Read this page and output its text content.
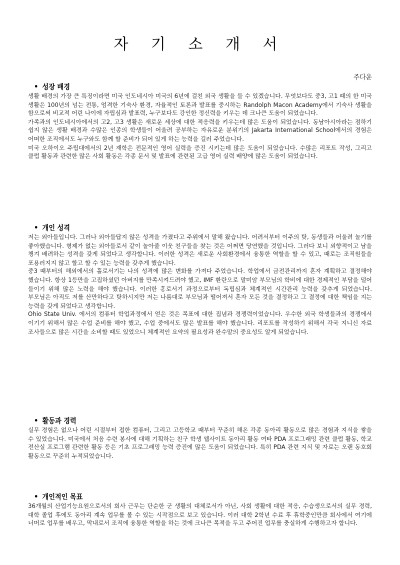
자 기 소 개 서
주다운
• 성장 배경

생활 배경의 가장 큰 특징이라면 미국 인도네시아 미국의 6년에 걸친 외국 생활을 들 수 있겠습니다. 무엇보다도 중3, 고1 때의 한 미국 생활은 100년의 넘는 전통, 엄격한 기숙사 환경, 자율적인 토론과 발표를 중시하는 Randolph Macon Academy에서 기숙사 생활을 함으로써 비교적 어린 나이에 자립심과 발표력, 누구보다도 강인한 정신력을 키우는 데 크나큰 도움이 되었습니다.

가족과의 인도네시아에서의 고2, 고3 생활은 새로운 세상에 대한 적응력을 키우는데 많은 도움이 되었습니다. 동남아시아라는 점하기 쉽지 않은 생활 배경과 수많은 인종의 학생들이 어울려 공부하는 자유로운 분위기의 Jakarta International School에서의 경험은 어떠한 조직에서도 누구와도 함께 할 준비가 되어 있게 하는 능력을 길러 주었습니다.

미국 오하이오 주립대에서의 2년 재학은 전문적인 영어 실력을 증진 시키는데 많은 도움이 되었습니다. 수많은 리포트 작성, 그리고 클럽 활동과 관련한 많은 사회 활동은 각종 문서 및 발표에 관련된 고급 영어 실력 배양에 많은 도움이 되었습니다.

• 개인 성격

저는 외아들입니다. 그러나 외아들답지 않은 성격을 가졌다고 주위에서 말해 왔습니다. 어려서부터 이주의 탓, 동생들과 어울려 놀기를 좋아했습니다. 형제가 없는 외아들로서 같이 놀아줄 이웃 친구들을 찾는 것은 어쩌면 당연했을 것입니다. 그러다 보니 외향적이고 남을 챙겨 배려하는 성격을 갖게 되었다고 생각합니다. 이러한 성격은 새로운 사회환경에서 융통한 역할을 할 수 있고, 때로는 조직원들을 포용러지지 않고 할고 할 수 있는 능력을 갖추게 했습니다.

중3 때부터의 해외에서의 홀로서기는 나의 성격에 많은 변화를 가져다 주었습니다. 학업에서 금전관리까지 혼자 계획하고 결정해야 했습니다. 항상 1등만을 고집하셨던 아버지를 만족시켜드려야 했고, IMF 환란으로 말미암 부모님의 학비에 대한 경제적인 부담을 덜어 들이기 위해 많은 노력을 해야 했습니다. 이러한 홍로서기 과정으로부터 독립심과 체계적인 시간관리 능력을 갖추게 되었습니다. 부모님은 아직도 저를 산만하다고 탓하시지만 저는 나름대로 부모님과 떨어져서 혼자 모든 것을 결정하고 그 결정에 대한 책임을 지는 능력을 갖게 되었다고 생각합니다.

Ohio State Univ. 에서의 컴퓨터 학업과정에서 얻은 것은 목표에 대한 집념과 경쟁력이었습니다. 우수한 외국 학생들과의 경쟁에서 이기기 위해서 많은 수업 준비를 해야 했고, 수업 중에서도 많은 발표를 해야 했습니다. 리포트를 작성하기 위해서 각국 지니신 자료 조사들으로 많은 시간을 소비할 때도 있었으니 체계적인 요약의 필요성과 완수맡의 중요성도 알게 되었습니다.

• 활동과 경력

실무 경험은 없으나 어린 시절부터 접한 컴퓨터, 그리고 고등학교 때부터 꾸준히 해온 각종 동아리 활동으로 많은 경험과 지식을 쌓을 수 있었습니다. 미국에서 처음 수련 봉사에 대해 기획하는 친구 학생 웹사이트 동아리 활동 여타 PDA 프로그래밍 관련 클럽 활동, 학교 전산실 프로그램 관련한 활동 등은 기초 프로그래밍 능력 증진에 많은 도움이 되었습니다. 특히 PDA 관련 지식 및 자료는 오랜 동호회 활동으로 꾸준히 누적되었습니다.

• 개인적인 목표

36개월의 산업기능요원으로서의 회사 근무는 단순한 군 생활의 대체로서가 아닌, 사회 생활에 대한 적응, 수습생으로서의 실무 경력, 대학 졸업 후에도 동아리 계속 업무를 볼 수 있는 시작점으로 보고 있습니다. 이러 대학 2학년 수료 후 휴학중인만큼 회사에서 여기에 너머로 업무를 배우고, 막내로서 조직에 융통한 역할을 하는 것에 크나큰 목적을 두고 주어진 업무를 충실하게 수행하고자 합니다.
